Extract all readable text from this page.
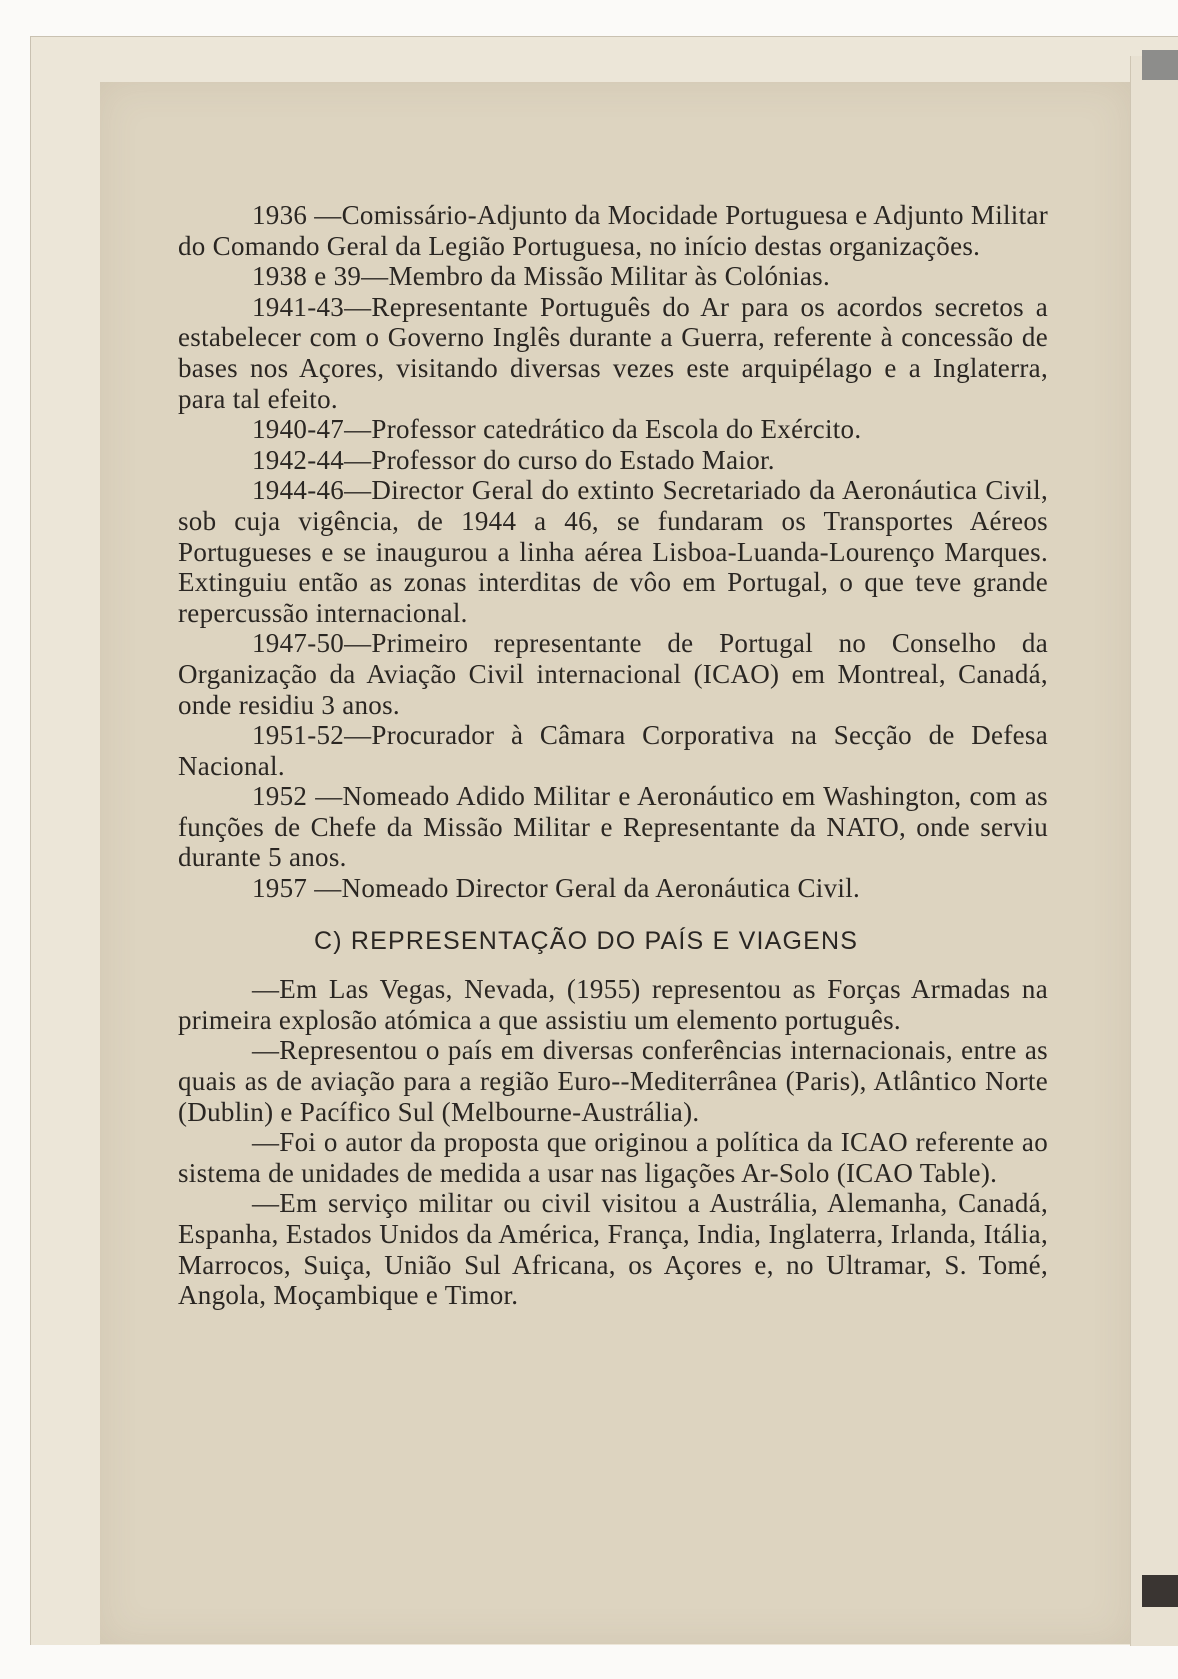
1936 —Comissário-Adjunto da Mocidade Portuguesa e Adjunto Militar do Comando Geral da Legião Portuguesa, no início destas organizações.

1938 e 39—Membro da Missão Militar às Colónias.

1941-43—Representante Português do Ar para os acordos secretos a estabelecer com o Governo Inglês durante a Guerra, referente à concessão de bases nos Açores, visitando diversas vezes este arquipélago e a Inglaterra, para tal efeito.

1940-47—Professor catedrático da Escola do Exército.

1942-44—Professor do curso do Estado Maior.

1944-46—Director Geral do extinto Secretariado da Aeronáutica Civil, sob cuja vigência, de 1944 a 46, se fundaram os Transportes Aéreos Portugueses e se inaugurou a linha aérea Lisboa-Luanda-Lourenço Marques. Extinguiu então as zonas interditas de vôo em Portugal, o que teve grande repercussão internacional.

1947-50—Primeiro representante de Portugal no Conselho da Organização da Aviação Civil internacional (ICAO) em Montreal, Canadá, onde residiu 3 anos.

1951-52—Procurador à Câmara Corporativa na Secção de Defesa Nacional.

1952 —Nomeado Adido Militar e Aeronáutico em Washington, com as funções de Chefe da Missão Militar e Representante da NATO, onde serviu durante 5 anos.

1957 —Nomeado Director Geral da Aeronáutica Civil.

C) REPRESENTAÇÃO DO PAÍS E VIAGENS

—Em Las Vegas, Nevada, (1955) representou as Forças Armadas na primeira explosão atómica a que assistiu um elemento português.

—Representou o país em diversas conferências internacionais, entre as quais as de aviação para a região Euro--Mediterrânea (Paris), Atlântico Norte (Dublin) e Pacífico Sul (Melbourne-Austrália).

—Foi o autor da proposta que originou a política da ICAO referente ao sistema de unidades de medida a usar nas ligações Ar-Solo (ICAO Table).

—Em serviço militar ou civil visitou a Austrália, Alemanha, Canadá, Espanha, Estados Unidos da América, França, India, Inglaterra, Irlanda, Itália, Marrocos, Suiça, União Sul Africana, os Açores e, no Ultramar, S. Tomé, Angola, Moçambique e Timor.
